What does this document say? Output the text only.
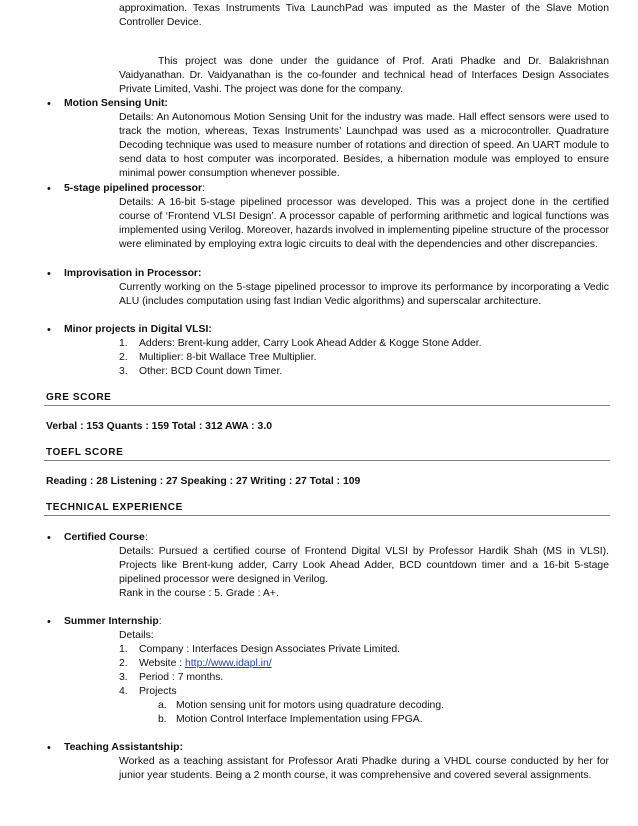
approximation. Texas Instruments Tiva LaunchPad was imputed as the Master of the Slave Motion Controller Device.
This project was done under the guidance of Prof. Arati Phadke and Dr. Balakrishnan Vaidyanathan. Dr. Vaidyanathan is the co-founder and technical head of Interfaces Design Associates Private Limited, Vashi. The project was done for the company.
• Motion Sensing Unit:
Details: An Autonomous Motion Sensing Unit for the industry was made. Hall effect sensors were used to track the motion, whereas, Texas Instruments’ Launchpad was used as a microcontroller. Quadrature Decoding technique was used to measure number of rotations and direction of speed. An UART module to send data to host computer was incorporated. Besides, a hibernation module was employed to ensure minimal power consumption whenever possible.
• 5-stage pipelined processor:
Details: A 16-bit 5-stage pipelined processor was developed. This was a project done in the certified course of ‘Frontend VLSI Design’. A processor capable of performing arithmetic and logical functions was implemented using Verilog. Moreover, hazards involved in implementing pipeline structure of the processor were eliminated by employing extra logic circuits to deal with the dependencies and other discrepancies.
• Improvisation in Processor:
Currently working on the 5-stage pipelined processor to improve its performance by incorporating a Vedic ALU (includes computation using fast Indian Vedic algorithms) and superscalar architecture.
• Minor projects in Digital VLSI:
1.	Adders: Brent-kung adder, Carry Look Ahead Adder & Kogge Stone Adder.
2.	Multiplier: 8-bit Wallace Tree Multiplier.
3.	Other: BCD Count down Timer.
GRE SCORE
Verbal : 153 Quants : 159 Total : 312 AWA : 3.0
TOEFL SCORE
Reading : 28 Listening : 27 Speaking : 27 Writing : 27 Total : 109
TECHNICAL EXPERIENCE
• Certified Course:
Details: Pursued a certified course of Frontend Digital VLSI by Professor Hardik Shah (MS in VLSI). Projects like Brent-kung adder, Carry Look Ahead Adder, BCD countdown timer and a 16-bit 5-stage pipelined processor were designed in Verilog.
Rank in the course : 5. Grade : A+.
• Summer Internship:
Details:
1.	Company : Interfaces Design Associates Private Limited.
2.	Website : http://www.idapl.in/
3.	Period : 7 months.
4.	Projects
a. Motion sensing unit for motors using quadrature decoding.
b. Motion Control Interface Implementation using FPGA.
• Teaching Assistantship:
Worked as a teaching assistant for Professor Arati Phadke during a VHDL course conducted by her for junior year students. Being a 2 month course, it was comprehensive and covered several assignments.
